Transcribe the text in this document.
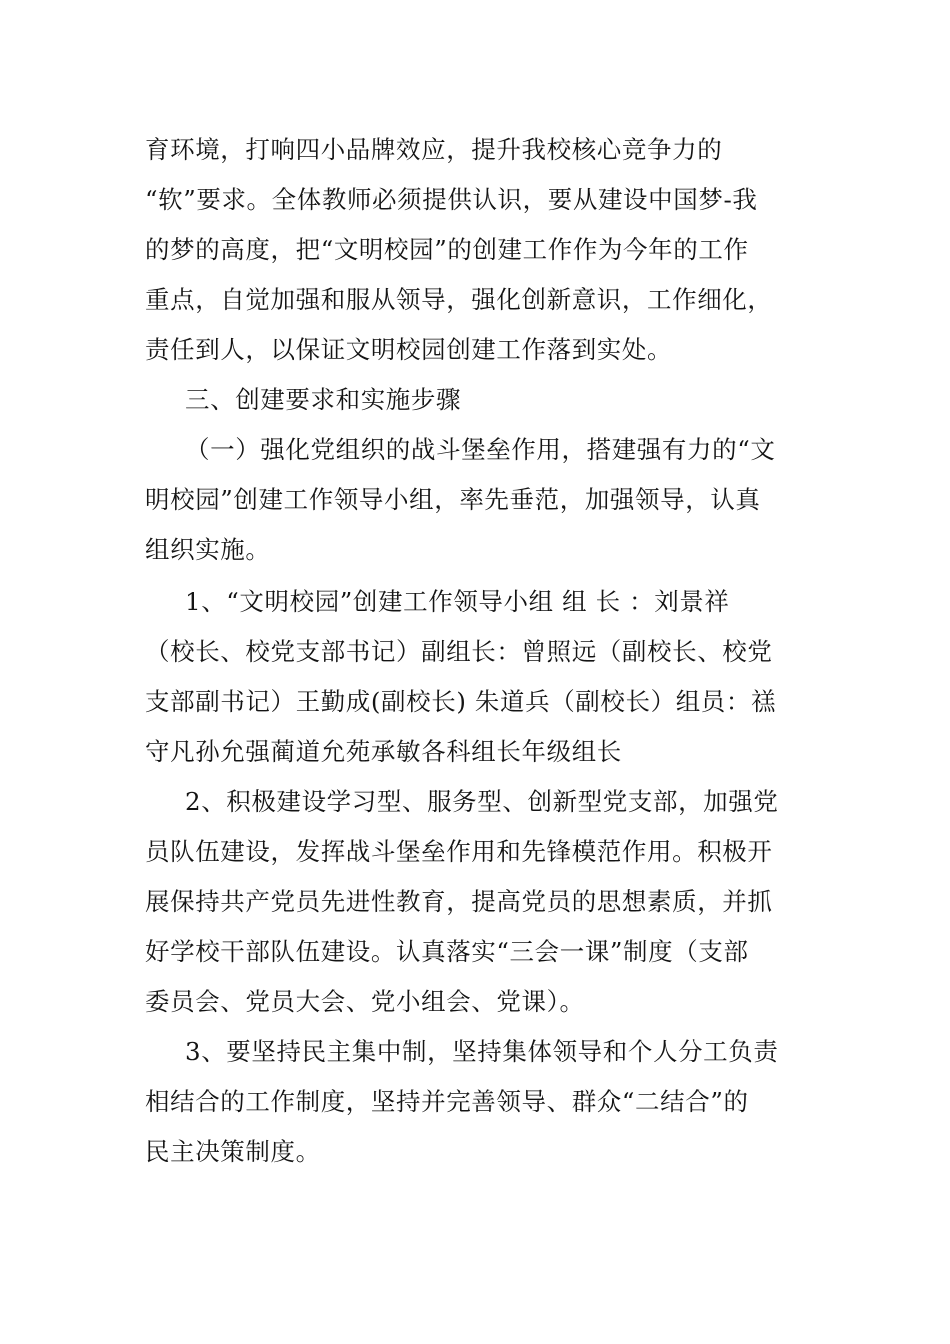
育环境，打响四小品牌效应，提升我校核心竞争力的
“软”要求。全体教师必须提供认识，要从建设中国梦-我
的梦的高度，把“文明校园”的创建工作作为今年的工作
重点，自觉加强和服从领导，强化创新意识，工作细化，
责任到人，以保证文明校园创建工作落到实处。
三、创建要求和实施步骤
（一）强化党组织的战斗堡垒作用，搭建强有力的“文
明校园”创建工作领导小组，率先垂范，加强领导，认真
组织实施。
1、“文明校园”创建工作领导小组 组 长 ：刘景祥
（校长、校党支部书记）副组长：曾照远（副校长、校党
支部副书记）王勤成(副校长) 朱道兵（副校长）组员：禚
守凡孙允强蔺道允苑承敏各科组长年级组长
2、积极建设学习型、服务型、创新型党支部，加强党
员队伍建设，发挥战斗堡垒作用和先锋模范作用。积极开
展保持共产党员先进性教育，提高党员的思想素质，并抓
好学校干部队伍建设。认真落实“三会一课”制度（支部
委员会、党员大会、党小组会、党课）。
3、要坚持民主集中制，坚持集体领导和个人分工负责
相结合的工作制度，坚持并完善领导、群众“二结合”的
民主决策制度。
